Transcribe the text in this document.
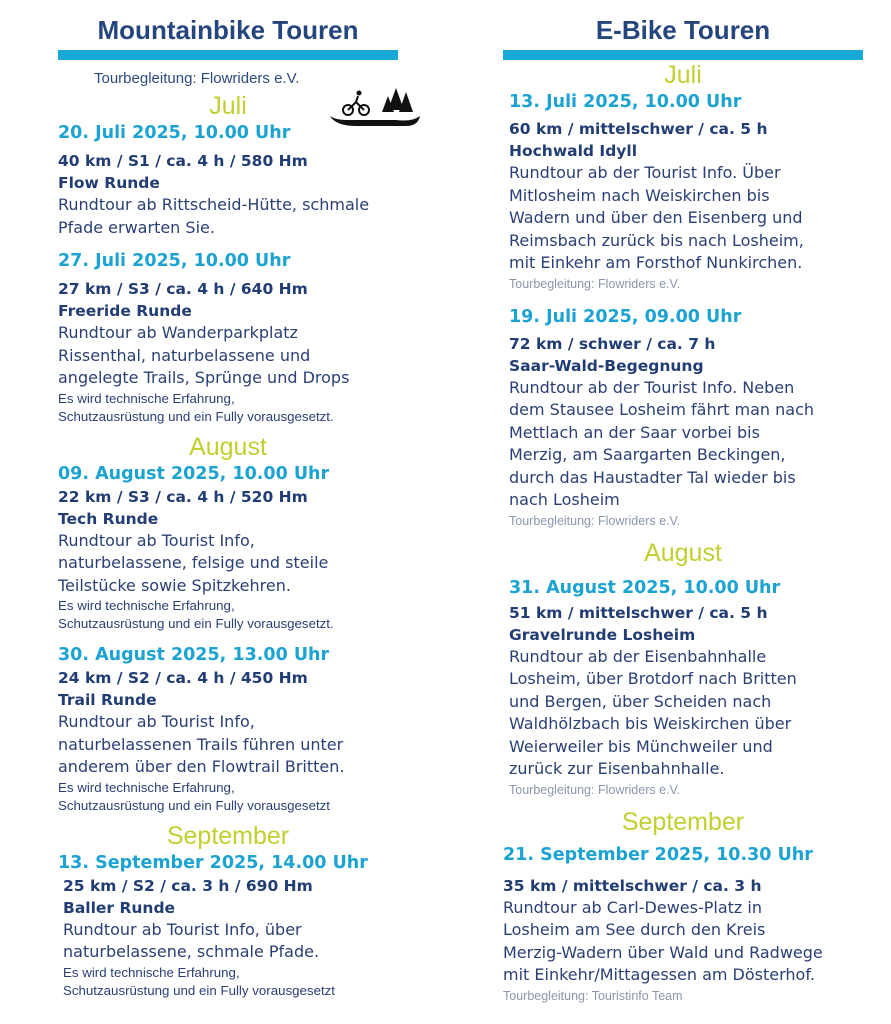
Mountainbike Touren
Tourbegleitung: Flowriders e.V.
Juli
20. Juli 2025, 10.00 Uhr
40 km / S1 / ca. 4 h / 580 Hm
Flow Runde
Rundtour ab Rittscheid-Hütte, schmale
Pfade erwarten Sie.
27. Juli 2025, 10.00 Uhr
27 km / S3 / ca. 4 h / 640 Hm
Freeride Runde
Rundtour ab Wanderparkplatz
Rissenthal, naturbelassene und
angelegte Trails, Sprünge und Drops
Es wird technische Erfahrung,
Schutzausrüstung und ein Fully vorausgesetzt.
August
09. August 2025, 10.00 Uhr
22 km / S3 / ca. 4 h / 520 Hm
Tech Runde
Rundtour ab Tourist Info,
naturbelassene, felsige und steile
Teilstücke sowie Spitzkehren.
Es wird technische Erfahrung,
Schutzausrüstung und ein Fully vorausgesetzt.
30. August 2025, 13.00 Uhr
24 km / S2 / ca. 4 h / 450 Hm
Trail Runde
Rundtour ab Tourist Info,
naturbelassenen Trails führen unter
anderem über den Flowtrail Britten.
Es wird technische Erfahrung,
Schutzausrüstung und ein Fully vorausgesetzt
September
13. September 2025, 14.00 Uhr
25 km / S2 / ca. 3 h / 690 Hm
Baller Runde
Rundtour ab Tourist Info, über
naturbelassene, schmale Pfade.
Es wird technische Erfahrung,
Schutzausrüstung und ein Fully vorausgesetzt
FLOWRIDERS e.V.
E-Bike Touren
Juli
13. Juli 2025, 10.00 Uhr
60 km / mittelschwer / ca. 5 h
Hochwald Idyll
Rundtour ab der Tourist Info. Über
Mitlosheim nach Weiskirchen bis
Wadern und über den Eisenberg und
Reimsbach zurück bis nach Losheim,
mit Einkehr am Forsthof Nunkirchen.
Tourbegleitung: Flowriders e.V.
19. Juli 2025, 09.00 Uhr
72 km / schwer / ca. 7 h
Saar-Wald-Begegnung
Rundtour ab der Tourist Info. Neben
dem Stausee Losheim fährt man nach
Mettlach an der Saar vorbei bis
Merzig, am Saargarten Beckingen,
durch das Haustadter Tal wieder bis
nach Losheim
Tourbegleitung: Flowriders e.V.
August
31. August 2025, 10.00 Uhr
51 km / mittelschwer / ca. 5 h
Gravelrunde Losheim
Rundtour ab der Eisenbahnhalle
Losheim, über Brotdorf nach Britten
und Bergen, über Scheiden nach
Waldhölzbach bis Weiskirchen über
Weierweiler bis Münchweiler und
zurück zur Eisenbahnhalle.
Tourbegleitung: Flowriders e.V.
September
21. September 2025, 10.30 Uhr
35 km / mittelschwer / ca. 3 h
Rundtour ab Carl-Dewes-Platz in
Losheim am See durch den Kreis
Merzig-Wadern über Wald und Radwege
mit Einkehr/Mittagessen am Dösterhof.
Tourbegleitung: Touristinfo Team
